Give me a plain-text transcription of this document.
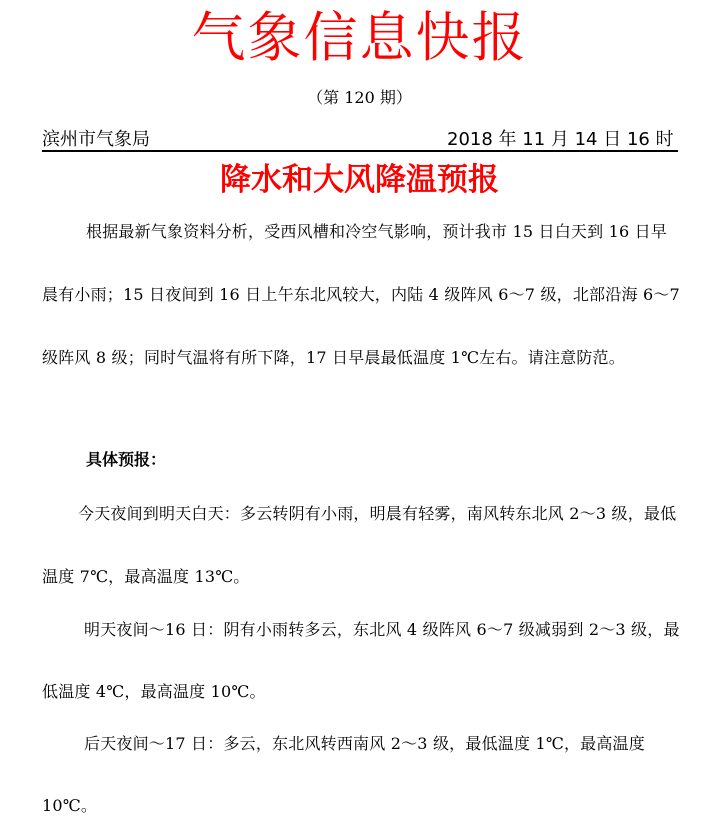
气象信息快报
（第 120 期）
滨州市气象局	2018 年 11 月 14 日 16 时
降水和大风降温预报

根据最新气象资料分析，受西风槽和冷空气影响，预计我市 15 日白天到 16 日早晨有小雨；15 日夜间到 16 日上午东北风较大，内陆 4 级阵风 6～7 级，北部沿海 6～7 级阵风 8 级；同时气温将有所下降，17 日早晨最低温度 1℃左右。请注意防范。

具体预报：

今天夜间到明天白天：多云转阴有小雨，明晨有轻雾，南风转东北风 2～3 级，最低温度 7℃，最高温度 13℃。

明天夜间～16 日：阴有小雨转多云，东北风 4 级阵风 6～7 级减弱到 2～3 级，最低温度 4℃，最高温度 10℃。

后天夜间～17 日：多云，东北风转西南风 2～3 级，最低温度 1℃，最高温度 10℃。
